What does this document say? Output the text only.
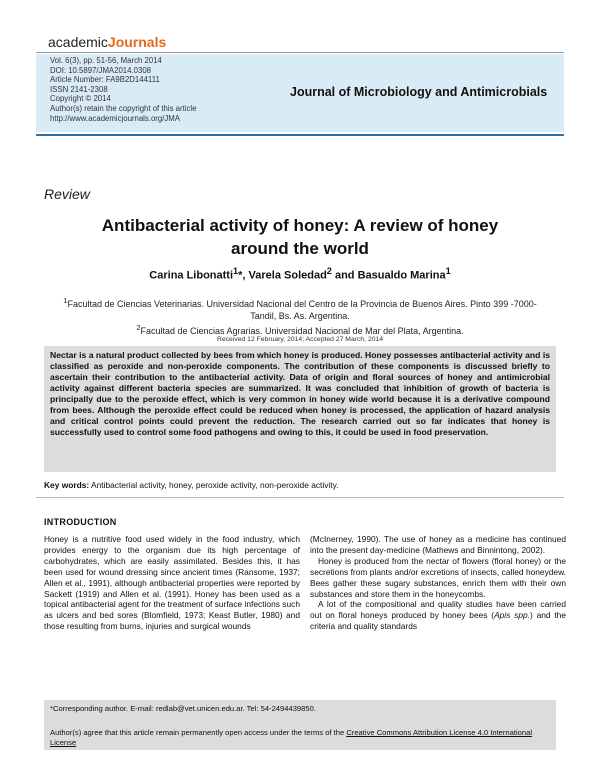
academicJournals
Vol. 6(3), pp. 51-56, March 2014
DOI: 10.5897/JMA2014.0308
Article Number: FA9B2D144111
ISSN 2141-2308
Copyright © 2014
Author(s) retain the copyright of this article
http://www.academicjournals.org/JMA
Journal of Microbiology and Antimicrobials
Review
Antibacterial activity of honey: A review of honey
around the world
Carina Libonatti$^1$*, Varela Soledad$^2$ and Basualdo Marina$^1$
$^1$Facultad de Ciencias Veterinarias. Universidad Nacional del Centro de la Provincia de Buenos Aires. Pinto 399 -7000-
Tandil, Bs. As. Argentina.
$^2$Facultad de Ciencias Agrarias. Universidad Nacional de Mar del Plata, Argentina.
Received 12 February, 2014; Accepted 27 March, 2014
Nectar is a natural product collected by bees from which honey is produced. Honey possesses antibacterial activity and is classified as peroxide and non-peroxide components. The contribution of these components is discussed briefly to ascertain their contribution to the antibacterial activity. Data of origin and floral sources of honey and antimicrobial activity against different bacteria species are summarized. It was concluded that inhibition of growth of bacteria is principally due to the peroxide effect, which is very common in honey wide world because it is a derivative compound from bees. Although the peroxide effect could be reduced when honey is processed, the application of hazard analysis and critical control points could prevent the reduction. The research carried out so far indicates that honey is successfully used to control some food pathogens and owing to this, it could be used in food preservation.
Key words: Antibacterial activity, honey, peroxide activity, non-peroxide activity.
INTRODUCTION

Honey is a nutritive food used widely in the food industry, which provides energy to the organism due its high percentage of carbohydrates, which are easily assimilated. Besides this, it has been used for wound dressing since ancient times (Ransome, 1937; Allen et al., 1991), although antibacterial properties were reported by Sackett (1919) and Allen et al. (1991). Honey has been used as a topical antibacterial agent for the treatment of surface infections such as ulcers and bed sores (Blomfield, 1973; Keast Butler, 1980) and those resulting from burns, injuries and surgical wounds

(McInerney, 1990). The use of honey as a medicine has continued into the present day-medicine (Mathews and Binnintong, 2002).

Honey is produced from the nectar of flowers (floral honey) or the secretions from plants and/or excretions of insects, called honeydew. Bees gather these sugary substances, enrich them with their own substances and store them in the honeycombs.

A lot of the compositional and quality studies have been carried out on floral honeys produced by honey bees (Apis spp.) and the criteria and quality standards

*Corresponding author. E-mail: redlab@vet.unicen.edu.ar. Tel: 54-2494439850.
Author(s) agree that this article remain permanently open access under the terms of the Creative Commons Attribution License 4.0 International License
